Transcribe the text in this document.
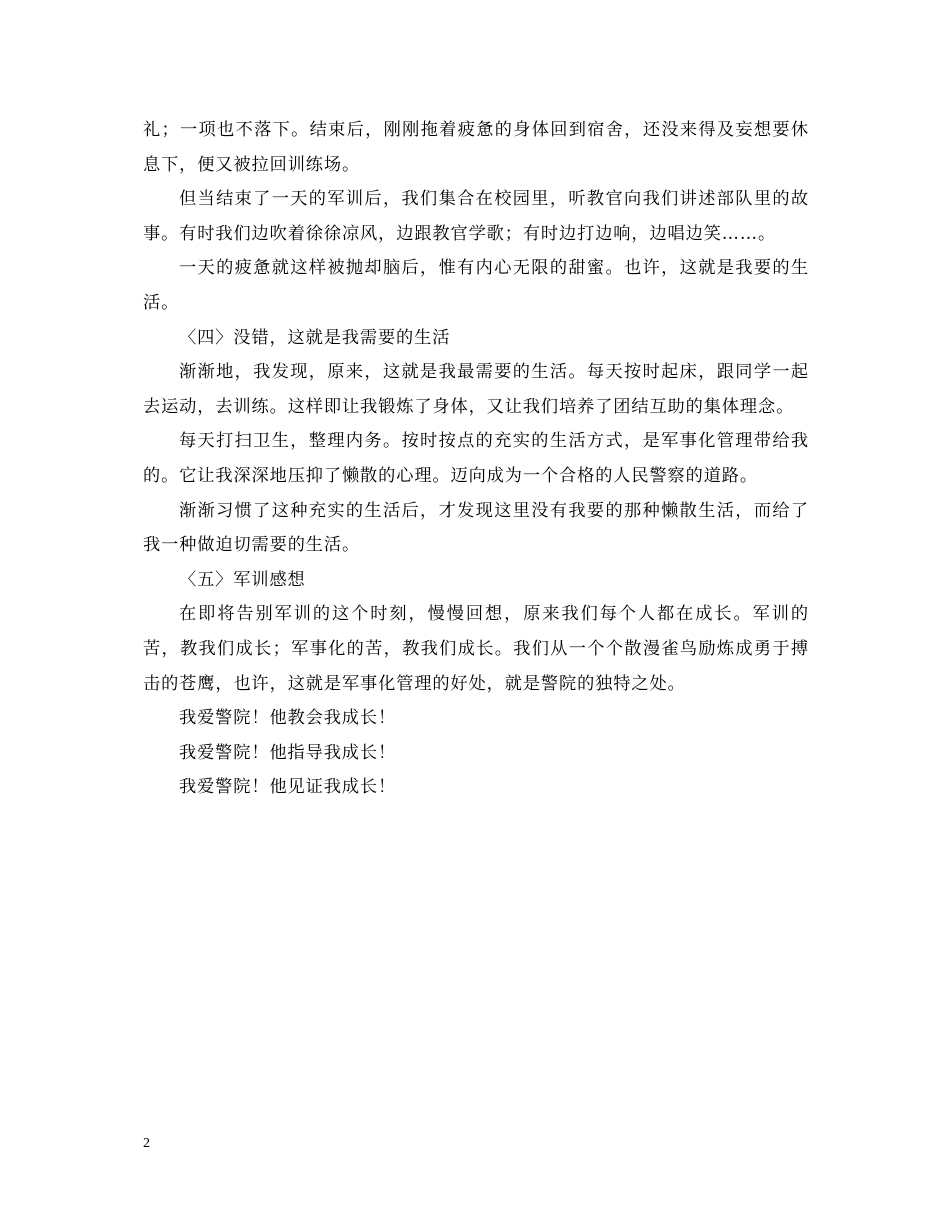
礼；一项也不落下。结束后，刚刚拖着疲惫的身体回到宿舍，还没来得及妄想要休息下，便又被拉回训练场。

但当结束了一天的军训后，我们集合在校园里，听教官向我们讲述部队里的故事。有时我们边吹着徐徐凉风，边跟教官学歌；有时边打边响，边唱边笑……。

一天的疲惫就这样被抛却脑后，惟有内心无限的甜蜜。也许，这就是我要的生活。

〈四〉没错，这就是我需要的生活

渐渐地，我发现，原来，这就是我最需要的生活。每天按时起床，跟同学一起去运动，去训练。这样即让我锻炼了身体，又让我们培养了团结互助的集体理念。

每天打扫卫生，整理内务。按时按点的充实的生活方式，是军事化管理带给我的。它让我深深地压抑了懒散的心理。迈向成为一个合格的人民警察的道路。

渐渐习惯了这种充实的生活后，才发现这里没有我要的那种懒散生活，而给了我一种做迫切需要的生活。

〈五〉军训感想

在即将告别军训的这个时刻，慢慢回想，原来我们每个人都在成长。军训的苦，教我们成长；军事化的苦，教我们成长。我们从一个个散漫雀鸟励炼成勇于搏击的苍鹰，也许，这就是军事化管理的好处，就是警院的独特之处。

我爱警院！他教会我成长！

我爱警院！他指导我成长！

我爱警院！他见证我成长！

2
